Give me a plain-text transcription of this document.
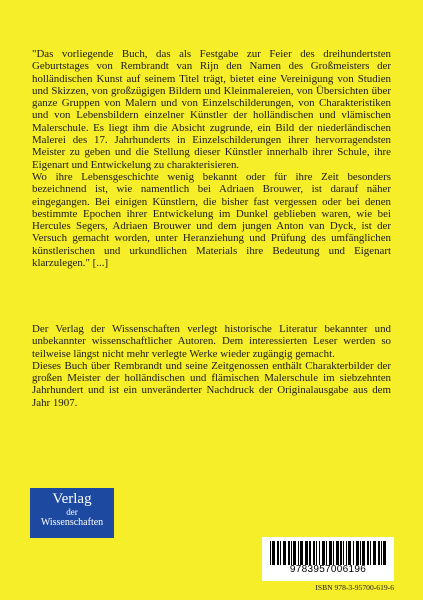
"Das vorliegende Buch, das als Festgabe zur Feier des dreihundertsten Geburtstages von Rembrandt van Rijn den Namen des Großmeisters der holländischen Kunst auf seinem Titel trägt, bietet eine Vereinigung von Studien und Skizzen, von großzügigen Bildern und Kleinmalereien, von Übersichten über ganze Gruppen von Malern und von Einzelschilderungen, von Charakteristiken und von Lebensbildern einzelner Künstler der holländischen und vlämischen Malerschule. Es liegt ihm die Absicht zugrunde, ein Bild der niederländischen Malerei des 17. Jahrhunderts in Einzelschilderungen ihrer hervorragendsten Meister zu geben und die Stellung dieser Künstler innerhalb ihrer Schule, ihre Eigenart und Entwickelung zu charakterisieren.

Wo ihre Lebensgeschichte wenig bekannt oder für ihre Zeit besonders bezeichnend ist, wie namentlich bei Adriaen Brouwer, ist darauf näher eingegangen. Bei einigen Künstlern, die bisher fast vergessen oder bei denen bestimmte Epochen ihrer Entwickelung im Dunkel geblieben waren, wie bei Hercules Segers, Adriaen Brouwer und dem jungen Anton van Dyck, ist der Versuch gemacht worden, unter Heranziehung und Prüfung des umfänglichen künstlerischen und urkundlichen Materials ihre Bedeutung und Eigenart klarzulegen." [...]

Der Verlag der Wissenschaften verlegt historische Literatur bekannter und unbekannter wissenschaftlicher Autoren. Dem interessierten Leser werden so teilweise längst nicht mehr verlegte Werke wieder zugängig gemacht.

Dieses Buch über Rembrandt und seine Zeitgenossen enthält Charakterbilder der großen Meister der holländischen und flämischen Malerschule im siebzehnten Jahrhundert und ist ein unveränderter Nachdruck der Originalausgabe aus dem Jahr 1907.

Verlag
der
Wissenschaften
9783957006196
ISBN 978-3-95700-619-6
